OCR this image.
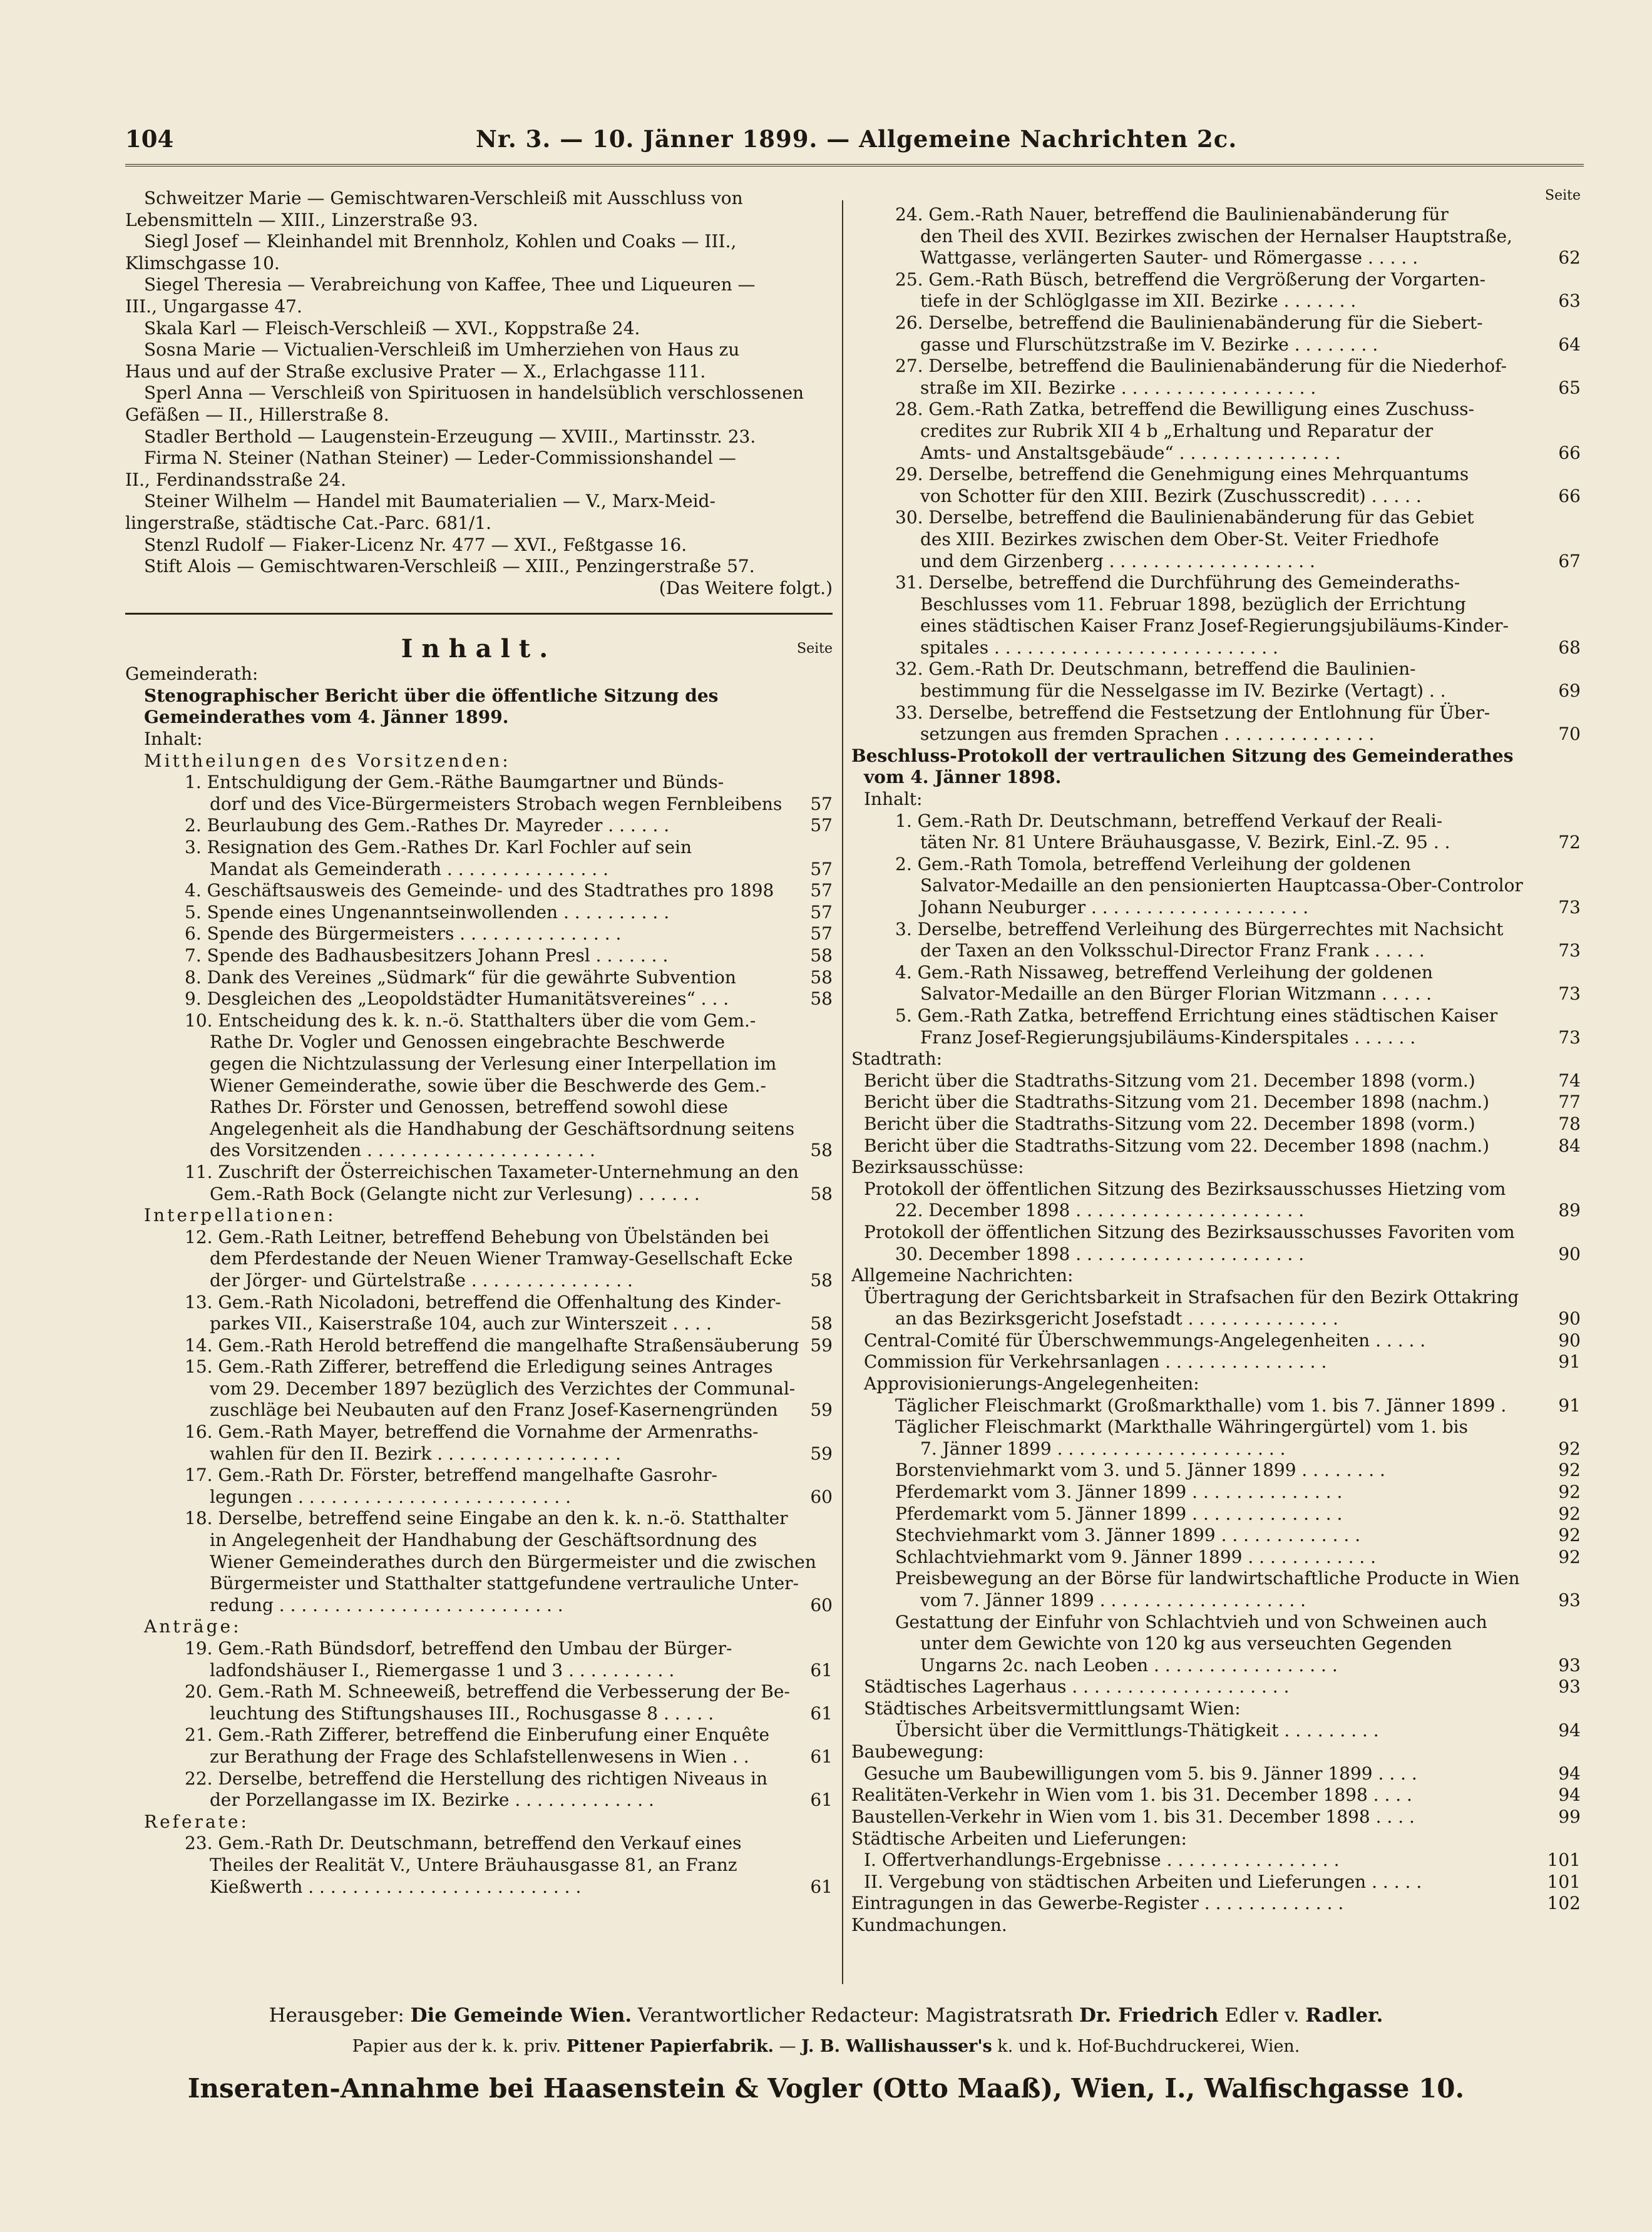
104	Nr. 3. — 10. Jänner 1899. — Allgemeine Nachrichten 2c.
Schweitzer Marie — Gemischtwaren-Verschleiß mit Ausschluss von
Lebensmitteln — XIII., Linzerstraße 93.
Siegl Josef — Kleinhandel mit Brennholz, Kohlen und Coaks — III.,
Klimschgasse 10.
Siegel Theresia — Verabreichung von Kaffee, Thee und Liqueuren —
III., Ungargasse 47.
Skala Karl — Fleisch-Verschleiß — XVI., Koppstraße 24.
Sosna Marie — Victualien-Verschleiß im Umherziehen von Haus zu
Haus und auf der Straße exclusive Prater — X., Erlachgasse 111.
Sperl Anna — Verschleiß von Spirituosen in handelsüblich verschlossenen
Gefäßen — II., Hillerstraße 8.
Stadler Berthold — Laugenstein-Erzeugung — XVIII., Martinsstr. 23.
Firma N. Steiner (Nathan Steiner) — Leder-Commissionshandel —
II., Ferdinandsstraße 24.
Steiner Wilhelm — Handel mit Baumaterialien — V., Marx-Meid-
lingerstraße, städtische Cat.-Parc. 681/1.
Stenzl Rudolf — Fiaker-Licenz Nr. 477 — XVI., Feßtgasse 16.
Stift Alois — Gemischtwaren-Verschleiß — XIII., Penzingerstraße 57.
(Das Weitere folgt.)
Inhalt.	Seite
Gemeinderath:
Stenographischer Bericht über die öffentliche Sitzung des
Gemeinderathes vom 4. Jänner 1899.
Inhalt:
Mittheilungen des Vorsitzenden:
1. Entschuldigung der Gem.-Räthe Baumgartner und Bünds-
dorf und des Vice-Bürgermeisters Strobach wegen Fernbleibens 57
2. Beurlaubung des Gem.-Rathes Dr. Mayreder . . . . . .	57
3. Resignation des Gem.-Rathes Dr. Karl Fochler auf sein
Mandat als Gemeinderath . . . . . . . . . . . . . . .	57
4. Geschäftsausweis des Gemeinde- und des Stadtrathes pro 1898 57
5. Spende eines Ungenanntseinwollenden . . . . . . . . . .	57
6. Spende des Bürgermeisters . . . . . . . . . . . . . . .	57
7. Spende des Badhausbesitzers Johann Presl . . . . . . .	58
8. Dank des Vereines „Südmark“ für die gewährte Subvention	58
9. Desgleichen des „Leopoldstädter Humanitätsvereines“ . . .	58
10. Entscheidung des k. k. n.-ö. Statthalters über die vom Gem.-
Rathe Dr. Vogler und Genossen eingebrachte Beschwerde
gegen die Nichtzulassung der Verlesung einer Interpellation im
Wiener Gemeinderathe, sowie über die Beschwerde des Gem.-
Rathes Dr. Förster und Genossen, betreffend sowohl diese
Angelegenheit als die Handhabung der Geschäftsordnung seitens
des Vorsitzenden . . . . . . . . . . . . . . . . . . . . .	58
11. Zuschrift der Österreichischen Taxameter-Unternehmung an den
Gem.-Rath Bock (Gelangte nicht zur Verlesung) . . . . . .	58
Interpellationen:
12. Gem.-Rath Leitner, betreffend Behebung von Übelständen bei
dem Pferdestande der Neuen Wiener Tramway-Gesellschaft Ecke
der Jörger- und Gürtelstraße . . . . . . . . . . . . . . .	58
13. Gem.-Rath Nicoladoni, betreffend die Offenhaltung des Kinder-
parkes VII., Kaiserstraße 104, auch zur Winterszeit . . . .	58
14. Gem.-Rath Herold betreffend die mangelhafte Straßensäuberung 59
15. Gem.-Rath Zifferer, betreffend die Erledigung seines Antrages
vom 29. December 1897 bezüglich des Verzichtes der Communal-
zuschläge bei Neubauten auf den Franz Josef-Kasernengründen 59
16. Gem.-Rath Mayer, betreffend die Vornahme der Armenraths-
wahlen für den II. Bezirk . . . . . . . . . . . . . . . . .	59
17. Gem.-Rath Dr. Förster, betreffend mangelhafte Gasrohr-
legungen . . . . . . . . . . . . . . . . . . . . . . . . .	60
18. Derselbe, betreffend seine Eingabe an den k. k. n.-ö. Statthalter
in Angelegenheit der Handhabung der Geschäftsordnung des
Wiener Gemeinderathes durch den Bürgermeister und die zwischen
Bürgermeister und Statthalter stattgefundene vertrauliche Unter-
redung . . . . . . . . . . . . . . . . . . . . . . . . . .	60
Anträge:
19. Gem.-Rath Bündsdorf, betreffend den Umbau der Bürger-
ladfondshäuser I., Riemergasse 1 und 3 . . . . . . . . . .	61
20. Gem.-Rath M. Schneeweiß, betreffend die Verbesserung der Be-
leuchtung des Stiftungshauses III., Rochusgasse 8 . . . . .	61
21. Gem.-Rath Zifferer, betreffend die Einberufung einer Enquête
zur Berathung der Frage des Schlafstellenwesens in Wien . .	61
22. Derselbe, betreffend die Herstellung des richtigen Niveaus in
der Porzellangasse im IX. Bezirke . . . . . . . . . . . . .	61
Referate:
23. Gem.-Rath Dr. Deutschmann, betreffend den Verkauf eines
Theiles der Realität V., Untere Bräuhausgasse 81, an Franz
Kießwerth . . . . . . . . . . . . . . . . . . . . . . . . .	61
Seite
24. Gem.-Rath Nauer, betreffend die Baulinienabänderung für
den Theil des XVII. Bezirkes zwischen der Hernalser Hauptstraße,
Wattgasse, verlängerten Sauter- und Römergasse . . . . .	62
25. Gem.-Rath Büsch, betreffend die Vergrößerung der Vorgarten-
tiefe in der Schlöglgasse im XII. Bezirke . . . . . . .	63
26. Derselbe, betreffend die Baulinienabänderung für die Siebert-
gasse und Flurschützstraße im V. Bezirke . . . . . . . .	64
27. Derselbe, betreffend die Baulinienabänderung für die Niederhof-
straße im XII. Bezirke . . . . . . . . . . . . . . . . . .	65
28. Gem.-Rath Zatka, betreffend die Bewilligung eines Zuschuss-
credites zur Rubrik XII 4 b „Erhaltung und Reparatur der
Amts- und Anstaltsgebäude“ . . . . . . . . . . . . . . .	66
29. Derselbe, betreffend die Genehmigung eines Mehrquantums
von Schotter für den XIII. Bezirk (Zuschusscredit) . . . . .	66
30. Derselbe, betreffend die Baulinienabänderung für das Gebiet
des XIII. Bezirkes zwischen dem Ober-St. Veiter Friedhofe
und dem Girzenberg . . . . . . . . . . . . . . . . . . .	67
31. Derselbe, betreffend die Durchführung des Gemeinderaths-
Beschlusses vom 11. Februar 1898, bezüglich der Errichtung
eines städtischen Kaiser Franz Josef-Regierungsjubiläums-Kinder-
spitales . . . . . . . . . . . . . . . . . . . . . . . . . .	68
32. Gem.-Rath Dr. Deutschmann, betreffend die Baulinien-
bestimmung für die Nesselgasse im IV. Bezirke (Vertagt) . .	69
33. Derselbe, betreffend die Festsetzung der Entlohnung für Über-
setzungen aus fremden Sprachen . . . . . . . . . . . . . .	70
Beschluss-Protokoll der vertraulichen Sitzung des Gemeinderathes
vom 4. Jänner 1898.
Inhalt:
1. Gem.-Rath Dr. Deutschmann, betreffend Verkauf der Reali-
täten Nr. 81 Untere Bräuhausgasse, V. Bezirk, Einl.-Z. 95 . .	72
2. Gem.-Rath Tomola, betreffend Verleihung der goldenen
Salvator-Medaille an den pensionierten Hauptcassa-Ober-Controlor
Johann Neuburger . . . . . . . . . . . . . . . . . . . .	73
3. Derselbe, betreffend Verleihung des Bürgerrechtes mit Nachsicht
der Taxen an den Volksschul-Director Franz Frank . . . . .	73
4. Gem.-Rath Nissaweg, betreffend Verleihung der goldenen
Salvator-Medaille an den Bürger Florian Witzmann . . . . .	73
5. Gem.-Rath Zatka, betreffend Errichtung eines städtischen Kaiser
Franz Josef-Regierungsjubiläums-Kinderspitales . . . . . .	73
Stadtrath:
Bericht über die Stadtraths-Sitzung vom 21. December 1898 (vorm.)	74
Bericht über die Stadtraths-Sitzung vom 21. December 1898 (nachm.)	77
Bericht über die Stadtraths-Sitzung vom 22. December 1898 (vorm.)	78
Bericht über die Stadtraths-Sitzung vom 22. December 1898 (nachm.)	84
Bezirksausschüsse:
Protokoll der öffentlichen Sitzung des Bezirksausschusses Hietzing vom
22. December 1898 . . . . . . . . . . . . . . . . . . . . .	89
Protokoll der öffentlichen Sitzung des Bezirksausschusses Favoriten vom
30. December 1898 . . . . . . . . . . . . . . . . . . . . .	90
Allgemeine Nachrichten:
Übertragung der Gerichtsbarkeit in Strafsachen für den Bezirk Ottakring
an das Bezirksgericht Josefstadt . . . . . . . . . . . . . .	90
Central-Comité für Überschwemmungs-Angelegenheiten . . . . .	90
Commission für Verkehrsanlagen . . . . . . . . . . . . . . .	91
Approvisionierungs-Angelegenheiten:
Täglicher Fleischmarkt (Großmarkthalle) vom 1. bis 7. Jänner 1899 .	91
Täglicher Fleischmarkt (Markthalle Währingergürtel) vom 1. bis
7. Jänner 1899 . . . . . . . . . . . . . . . . . . . . .	92
Borstenviehmarkt vom 3. und 5. Jänner 1899 . . . . . . . .	92
Pferdemarkt vom 3. Jänner 1899 . . . . . . . . . . . . . .	92
Pferdemarkt vom 5. Jänner 1899 . . . . . . . . . . . . . .	92
Stechviehmarkt vom 3. Jänner 1899 . . . . . . . . . . . . .	92
Schlachtviehmarkt vom 9. Jänner 1899 . . . . . . . . . . . .	92
Preisbewegung an der Börse für landwirtschaftliche Producte in Wien
vom 7. Jänner 1899 . . . . . . . . . . . . . . . . . . .	93
Gestattung der Einfuhr von Schlachtvieh und von Schweinen auch
unter dem Gewichte von 120 kg aus verseuchten Gegenden
Ungarns 2c. nach Leoben . . . . . . . . . . . . . . . . .	93
Städtisches Lagerhaus . . . . . . . . . . . . . . . . . . . .	93
Städtisches Arbeitsvermittlungsamt Wien:
Übersicht über die Vermittlungs-Thätigkeit . . . . . . . . .	94
Baubewegung:
Gesuche um Baubewilligungen vom 5. bis 9. Jänner 1899 . . . .	94
Realitäten-Verkehr in Wien vom 1. bis 31. December 1898 . . . .	94
Baustellen-Verkehr in Wien vom 1. bis 31. December 1898 . . . .	99
Städtische Arbeiten und Lieferungen:
I. Offertverhandlungs-Ergebnisse . . . . . . . . . . . . . . . .	101
II. Vergebung von städtischen Arbeiten und Lieferungen . . . . .	101
Eintragungen in das Gewerbe-Register . . . . . . . . . . . . .	102
Kundmachungen.
Herausgeber: Die Gemeinde Wien. Verantwortlicher Redacteur: Magistratsrath Dr. Friedrich Edler v. Radler.
Papier aus der k. k. priv. Pittener Papierfabrik. — J. B. Wallishausser's k. und k. Hof-Buchdruckerei, Wien.
Inseraten-Annahme bei Haasenstein & Vogler (Otto Maaß), Wien, I., Walfischgasse 10.
